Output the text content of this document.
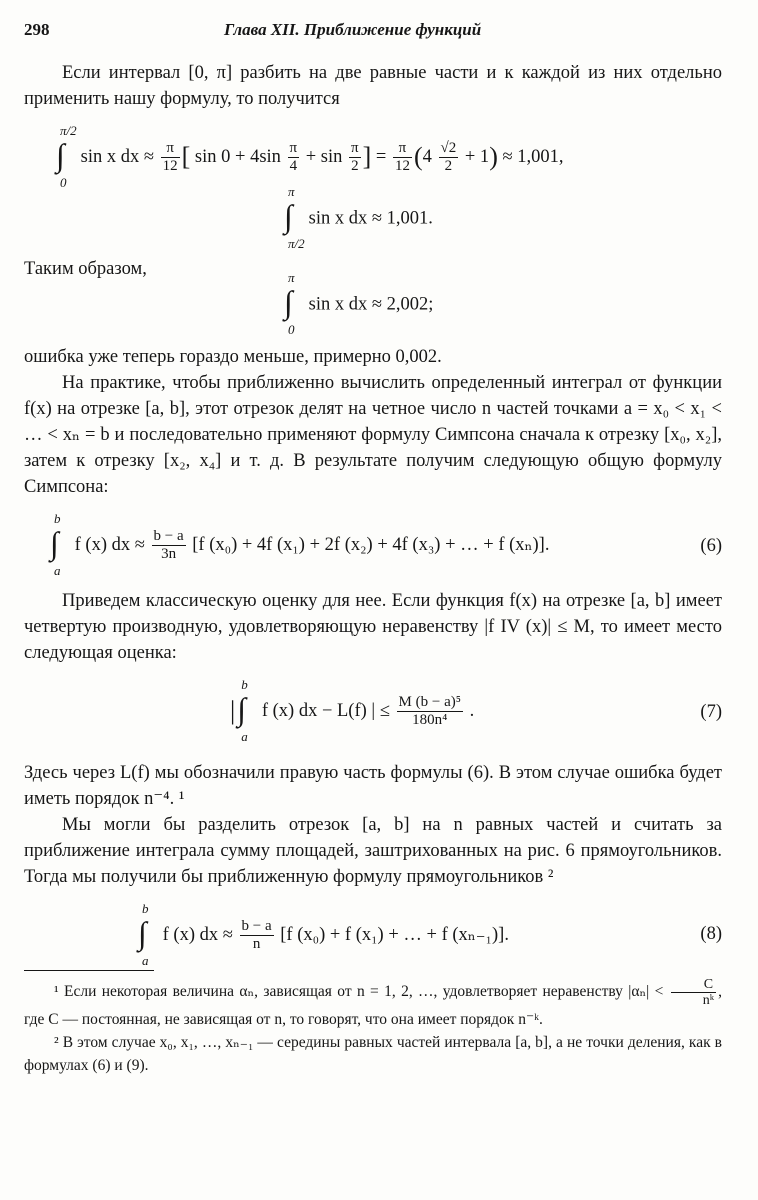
298	Глава XII. Приближение функций

Если интервал [0, π] разбить на две равные части и к каждой из них отдельно применить нашу формулу, то получится

∫
π/2
0
sin x dx ≈ $\frac{\pi}{12}$ [ $\sin 0 + 4\sin \frac{\pi}{4} + \sin \frac{\pi}{2}$ ] = $\frac{\pi}{12} (4 \frac{√2}{2} + 1) \approx 1,001$,
∫
π
π/2
sin x dx ≈ 1,001.

Таким образом,

∫
π
0
sin x dx ≈ 2,002;

ошибка уже теперь гораздо меньше, примерно 0,002.

На практике, чтобы приближенно вычислить определенный интеграл от функции f(x) на отрезке [a, b], этот отрезок делят на четное число n частей точками a = x₀ < x₁ < … < xₙ = b и последовательно применяют формулу Симпсона сначала к отрезку [x₀, x₂], затем к отрезку [x₂, x₄] и т. д. В результате получим следующую общую формулу Симпсона:

∫
b
a
f (x) dx ≈ $\frac{b - a}{3n} [f$ (x₀) + 4f (x₁) + 2f (x₂) + 4f (x₃) + … + f (xₙ)].	(6)

Приведем классическую оценку для нее. Если функция f(x) на отрезке [a, b] имеет четвертую производную, удовлетворяющую неравенству |f IV (x)| ≤ M, то имеет место следующая оценка:

| ∫
b
a
f (x) dx − L(f) | ≤ $\frac{\text{M (b − a)⁵}}{\text{180n⁴}}$ .	(7)

Здесь через L(f) мы обозначили правую часть формулы (6). В этом случае ошибка будет иметь порядок n⁻⁴. ¹

Мы могли бы разделить отрезок [a, b] на n равных частей и считать за приближение интеграла сумму площадей, заштрихованных на рис. 6 прямоугольников. Тогда мы получили бы приближенную формулу прямоугольников ²

∫
b
a
f (x) dx ≈ $\frac{b - a}{n} [f$ (x₀) + f (x₁) + … + f (xₙ₋₁)].	(8)

¹ Если некоторая величина αₙ, зависящая от n = 1, 2, …, удовлетворяет неравенству $|\alpha_n| < \frac{C}{\text{nᵏ}}$ , где C — постоянная, не зависящая от n, то говорят, что она имеет порядок n⁻ᵏ.

² В этом случае x₀, x₁, …, xₙ₋₁ — середины равных частей интервала [a, b], а не точки деления, как в формулах (6) и (9).
